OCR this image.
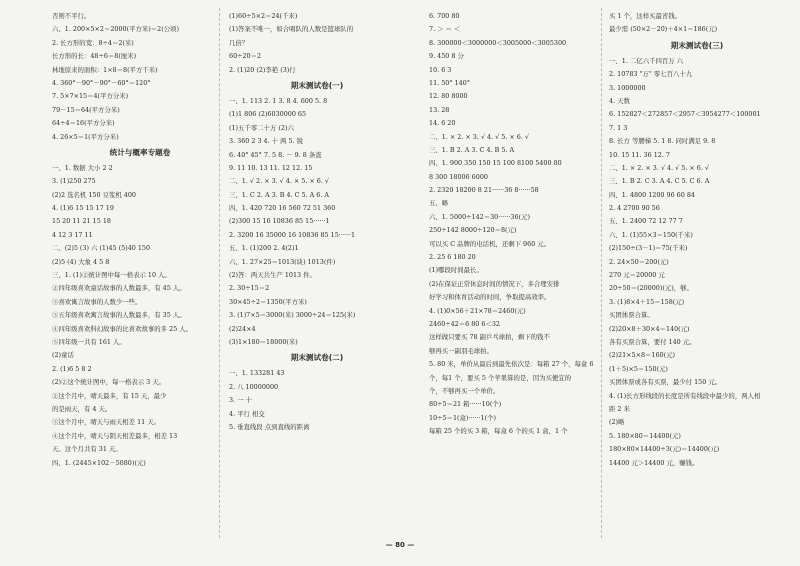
否则不平行。
六、1. 200×5×2＝2000(平方米)＝2(公顷)
2. 长方形的宽：8÷4＝2(米)
长方形的长：48÷6＝8(厘米)
林地原来的面积：1×8＝8(平方千米)
4. 360°－90°－90°－60°＝120°
7. 5×7×15＝4(平方分米)
79－15＝64(平方分米)
64÷4＝16(平方分米)
4. 26×5＝1(平方分米)
统计与概率专题卷
一、1. 数据 大小 2 2
3. (1)250 275
(2)2 选名机 150 豆浆机 400
4. (1)6 15 15 17 19
15 20 11 21 15 18
4 12 3 17 11
二、(2)5 (3) 六 (1)45 (5)40 150
(2)5 (4) 大象 4 5 8
三、1. (1)②统计图中每一格表示 10 人。
②四年级喜欢童话故事的人数最多，有 45 人。
③喜欢寓言故事的人数少一些。
③五年级喜欢寓言故事的人数最多，有 35 人。
④四年级喜欢科幻故事的比喜欢故事的多 25 人。
⑤四年级一共有 161 人。
(2)童话
2. (1)6 5 8 2
(2)②这个统计图中，每一格表示 3 天。
②这个月中，晴天最多，有 15 天，最少
的是雨天，有 4 天。
③这个月中，晴天与雨天相差 11 天。
④这个月中，晴天与阴天相差最多，相差 13
天。这个月共有 31 天。
四、1. (2445×102－5080)(元)
(1)60÷5×2＝24(千米)
(1)答案不唯一，如合唱队的人数是篮球队的
几倍？
60÷20＝2
2. (1)20 (2)李艳 (3)行
期末测试卷(一)
一、1. 113 2. 1 3. 8 4. 600 5. 8
(1)1 806 (2)6030000 65
(1)五千零二十万 (2)六
3. 360 2 3 4. 十 两 5. 锐
6. 40° 45° 7. 5 8. － 9. 8 条直
9. 11 10. 13 11. 12 12. 15
二、1. √ 2. × 3. √ 4. × 5. × 6. √
三、1. C 2. A 3. B 4. C 5. A 6. A
四、1. 420 720 16 560 72 51 360
(2)300 15 16 10836 85 15······1
2. 3200 16 35000 16 10836 85 15······1
五、1. (1)200 2. 4(2)1
六、1. 27×25＝1013(块) 1013(件)
(2)答：两天共生产 1013 件。
2. 30÷15＝2
30×45÷2＝1350(平方米)
3. (1)7×5＝3000(米) 3000÷24＝125(米)
(2)24×4
(3)1×180＝18000(米)
期末测试卷(二)
一、1. 133281 43
2. 八 10000000
3. 一 十
4. 平行 相交
5. 垂直线段 点到直线的距离
6. 700 80
7. ＞ ＝ ＜
8. 300000＜3000000＜3005000＜3005300
9. 450 8 分
10. 6 3
11. 50° 140°
12. 80 8000
13. 28
14. 6 20
二、1. × 2. × 3. √ 4. √ 5. × 6. √
三、1. B 2. A 3. C 4. B 5. A
四、1. 900 350 150 15 100 8100 5400 80
8 300 18006 6000
2. 2320 18200 8 21······36 8······58
五、略
六、1. 5000÷142＝30······36(元)
250÷142 8000÷120＝8(元)
可以买 C 品牌的电话机，还剩下 960 元。
2. 25 6 180 20
(1)哪段时间最长。
(2)在保证正常休息时间的情况下，多合理安排
好学习和体育活动的时间，争取提高效率。
4. (1)0×56＋21×78＝2460(元)
2460÷42＝6 80 6＜32
这样做只要买 78 副乒乓球拍，剩下的钱不
够再买一副羽毛球拍。
5. 80 米，单价从最后到最先依次是：每箱 27 个，每盒 6
个，每1 个，要买 5 个苹果算的是，因为买便宜的
个，不够再买一个单价。
80÷5＝21 箱······10(个)
10÷5＝1(盒)······1(个)
每箱 25 个的买 3 箱，每盒 6 个的买 1 盒，1 个
买 1 个，这样买最省钱。
最少需 (50×2－20)＋4×1＝186(元)
期末测试卷(三)
一、1. 二亿六千四百万 六
2. 10783 "万" 零七百八十九
3. 1000000
4. 天数
6. 152827＜272857＜2957＜3954277＜100001
7. 1 3
8. 长方 等腰梯 5. 1 8. 同时满足 9. 8
10. 15 11. 36 12. 7
二、1. × 2. × 3. √ 4. √ 5. × 6. √
三、1. B 2. C 3. A 4. C 5. C 6. A
四、1. 4800 1200 96 60 84
2. 4 2700 90 56
五、1. 2400 72 12 77 7
六、1. (1)55×3＝150(千米)
(2)150÷(3－1)＝75(千米)
2. 24×50＝200(元)
270 元＝20000 元
20÷50＝(20000)(元)，够。
3. (1)8×4＋15＝158(元)
买团体票合算。
(2)20×8＋30×4＝140(元)
各有买票合算，要付 140 元。
(2)21×5×8＝160(元)
(1＋5)×5＝150(元)
买团体票或各有买票，最少付 150 元。
4. (1)长方形线段的长度是所有线段中最少的，两人相
距 2 米
(2)略
5. 180×80＝14400(元)
180×80×14400÷3(元)＝14400(元)
14400 元＞14400 元，赚钱。
— 80 —
